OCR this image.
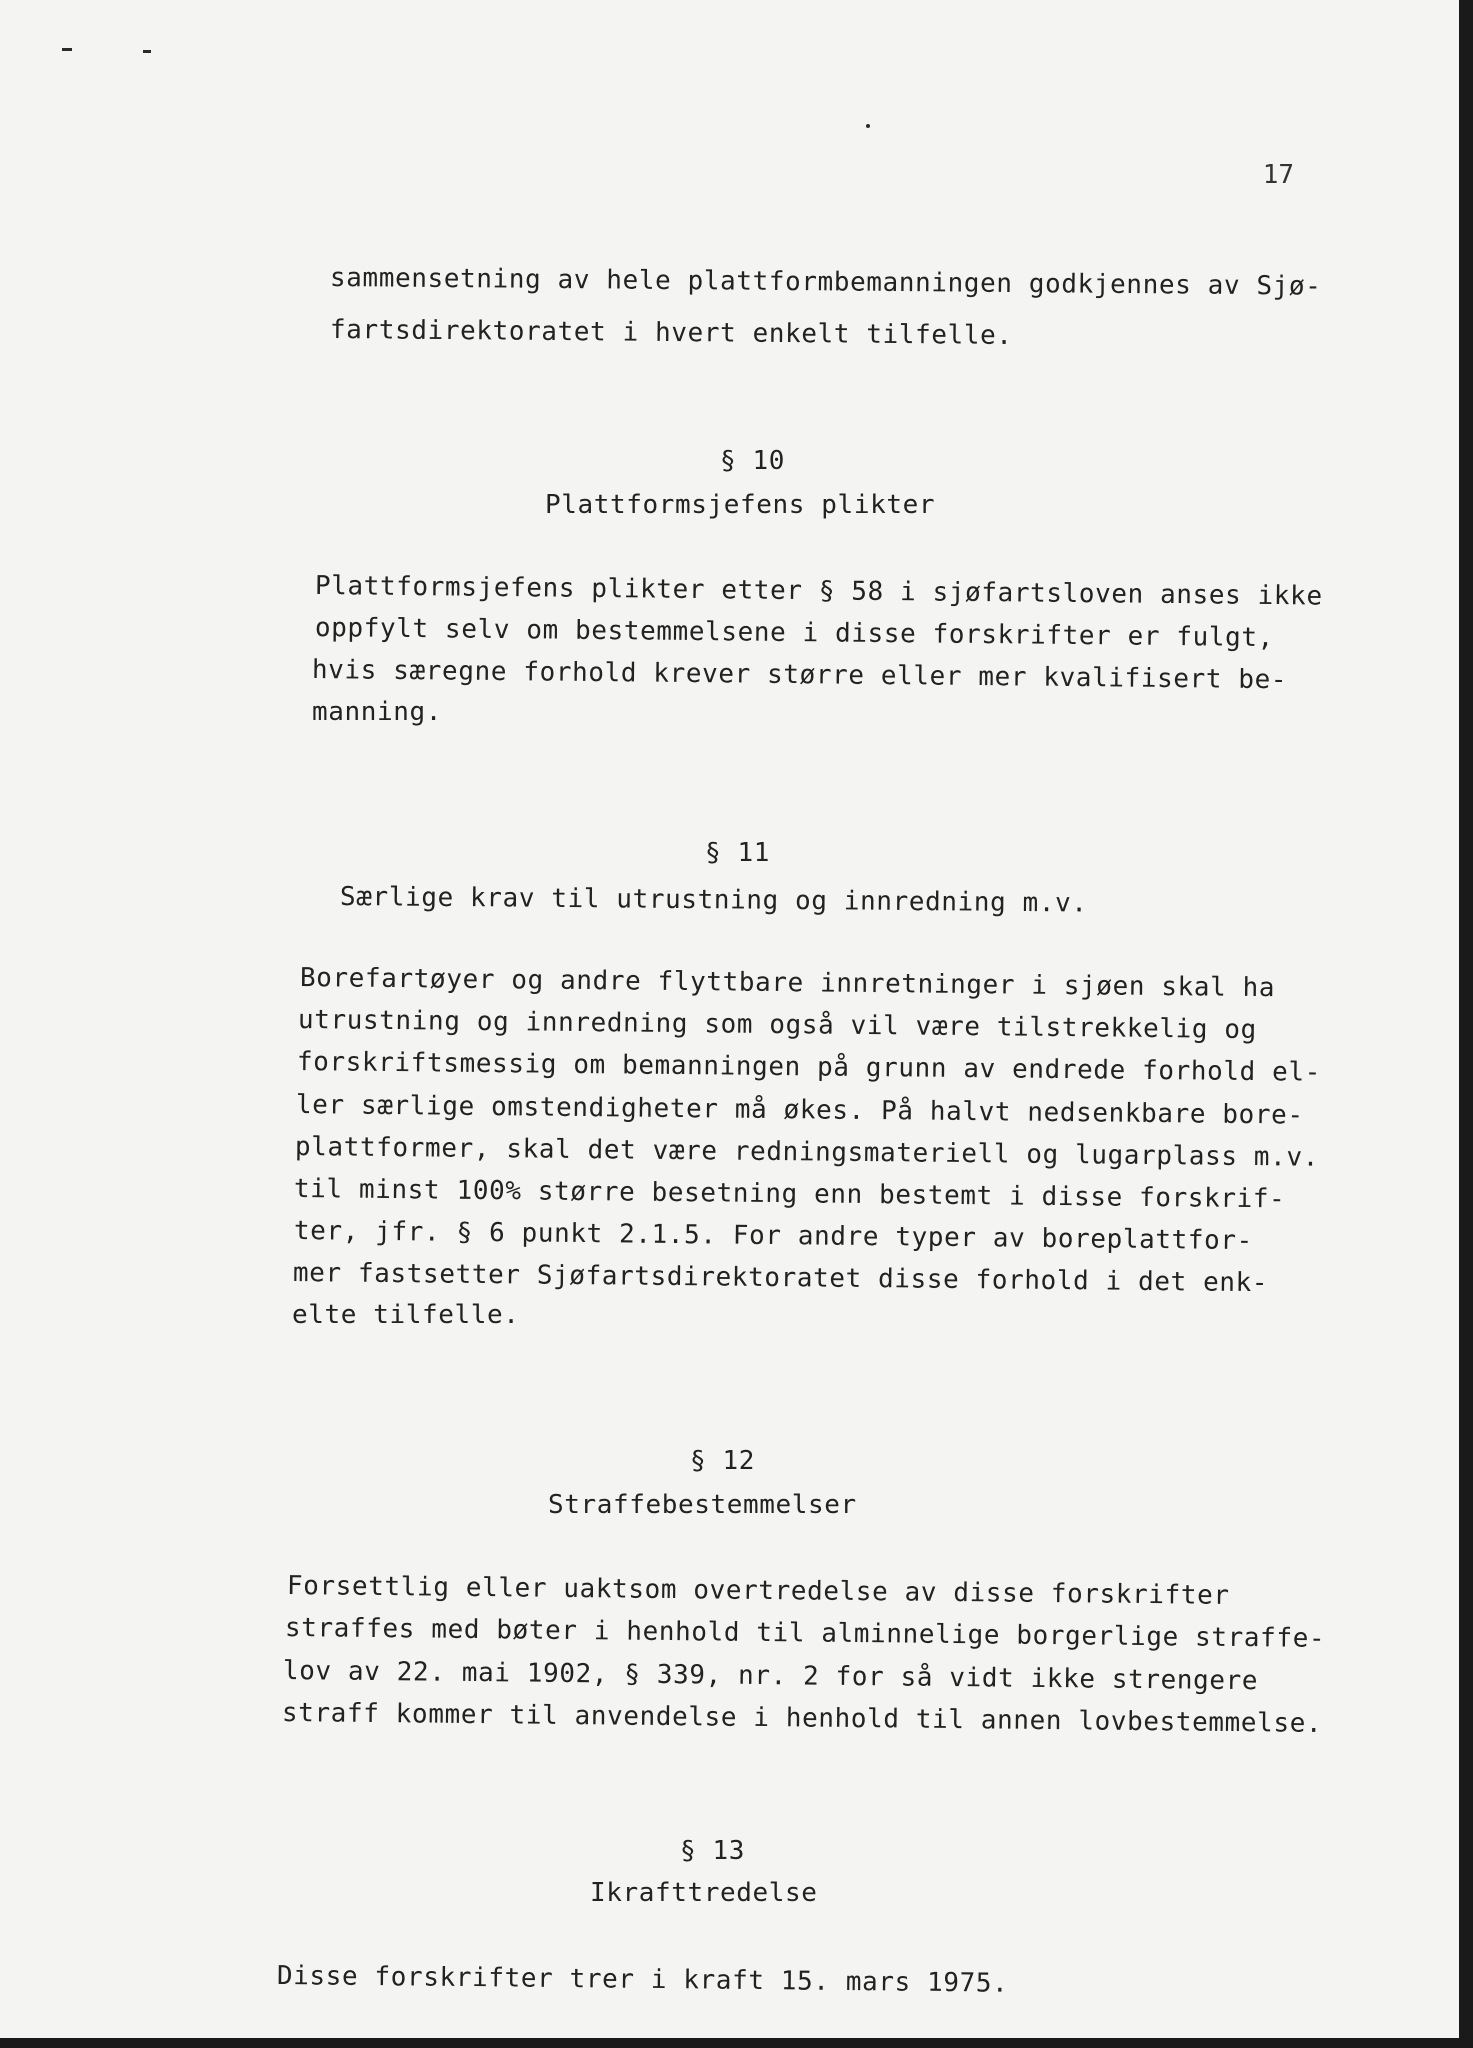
17
sammensetning av hele plattformbemanningen godkjennes av Sjø-
fartsdirektoratet i hvert enkelt tilfelle.
§ 10
Plattformsjefens plikter
Plattformsjefens plikter etter § 58 i sjøfartsloven anses ikke
oppfylt selv om bestemmelsene i disse forskrifter er fulgt,
hvis særegne forhold krever større eller mer kvalifisert be-
manning.
§ 11
Særlige krav til utrustning og innredning m.v.
Borefartøyer og andre flyttbare innretninger i sjøen skal ha
utrustning og innredning som også vil være tilstrekkelig og
forskriftsmessig om bemanningen på grunn av endrede forhold el-
ler særlige omstendigheter må økes. På halvt nedsenkbare bore-
plattformer, skal det være redningsmateriell og lugarplass m.v.
til minst 100% større besetning enn bestemt i disse forskrif-
ter, jfr. § 6 punkt 2.1.5. For andre typer av boreplattfor-
mer fastsetter Sjøfartsdirektoratet disse forhold i det enk-
elte tilfelle.
§ 12
Straffebestemmelser
Forsettlig eller uaktsom overtredelse av disse forskrifter
straffes med bøter i henhold til alminnelige borgerlige straffe-
lov av 22. mai 1902, § 339, nr. 2 for så vidt ikke strengere
straff kommer til anvendelse i henhold til annen lovbestemmelse.
§ 13
Ikrafttredelse
Disse forskrifter trer i kraft 15. mars 1975.
